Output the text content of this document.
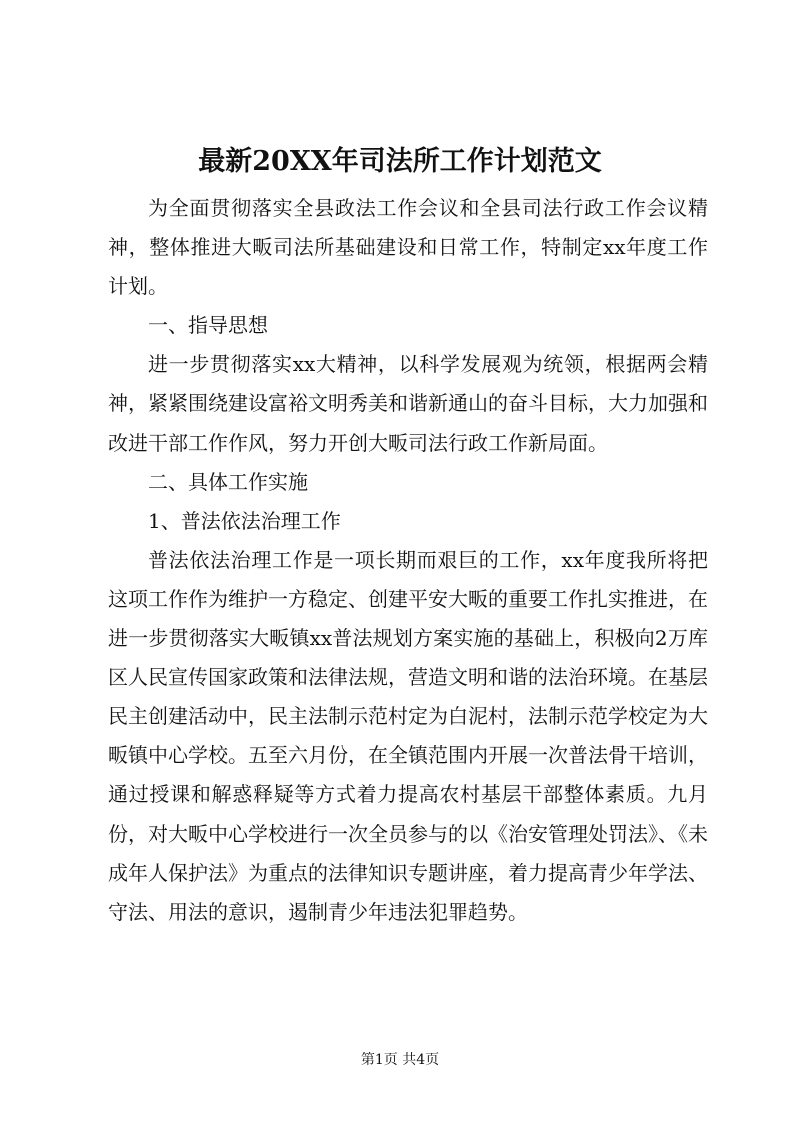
最新20XX年司法所工作计划范文

为全面贯彻落实全县政法工作会议和全县司法行政工作会议精神，整体推进大畈司法所基础建设和日常工作，特制定xx年度工作计划。

一、指导思想

进一步贯彻落实xx大精神，以科学发展观为统领，根据两会精神，紧紧围绕建设富裕文明秀美和谐新通山的奋斗目标，大力加强和改进干部工作作风，努力开创大畈司法行政工作新局面。

二、具体工作实施

1、普法依法治理工作

普法依法治理工作是一项长期而艰巨的工作，xx年度我所将把这项工作作为维护一方稳定、创建平安大畈的重要工作扎实推进，在进一步贯彻落实大畈镇xx普法规划方案实施的基础上，积极向2万库区人民宣传国家政策和法律法规，营造文明和谐的法治环境。在基层民主创建活动中，民主法制示范村定为白泥村，法制示范学校定为大畈镇中心学校。五至六月份，在全镇范围内开展一次普法骨干培训，通过授课和解惑释疑等方式着力提高农村基层干部整体素质。九月份，对大畈中心学校进行一次全员参与的以《治安管理处罚法》、《未成年人保护法》为重点的法律知识专题讲座，着力提高青少年学法、守法、用法的意识，遏制青少年违法犯罪趋势。

第1页 共4页
